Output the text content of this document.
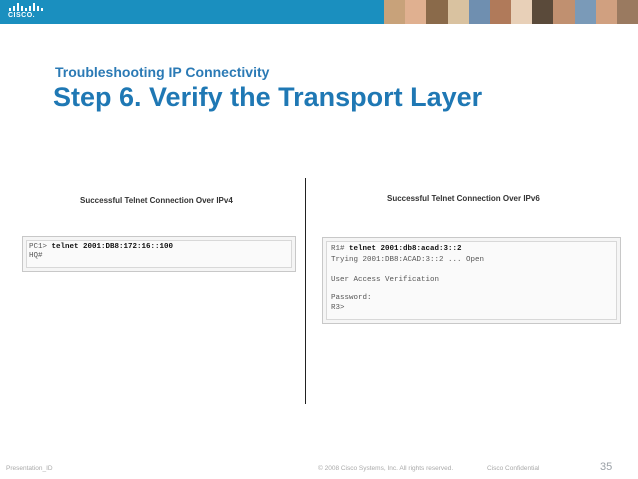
CISCO.
Troubleshooting IP Connectivity
Step 6. Verify the Transport Layer
Successful Telnet Connection Over IPv4
PC1> telnet 2001:DB8:172:16::100
HQ#
Successful Telnet Connection Over IPv6
R1# telnet 2001:db8:acad:3::2
Trying 2001:DB8:ACAD:3::2 ... Open
User Access Verification
Password:
R3>
Presentation_ID	© 2008 Cisco Systems, Inc. All rights reserved.	Cisco Confidential	35
